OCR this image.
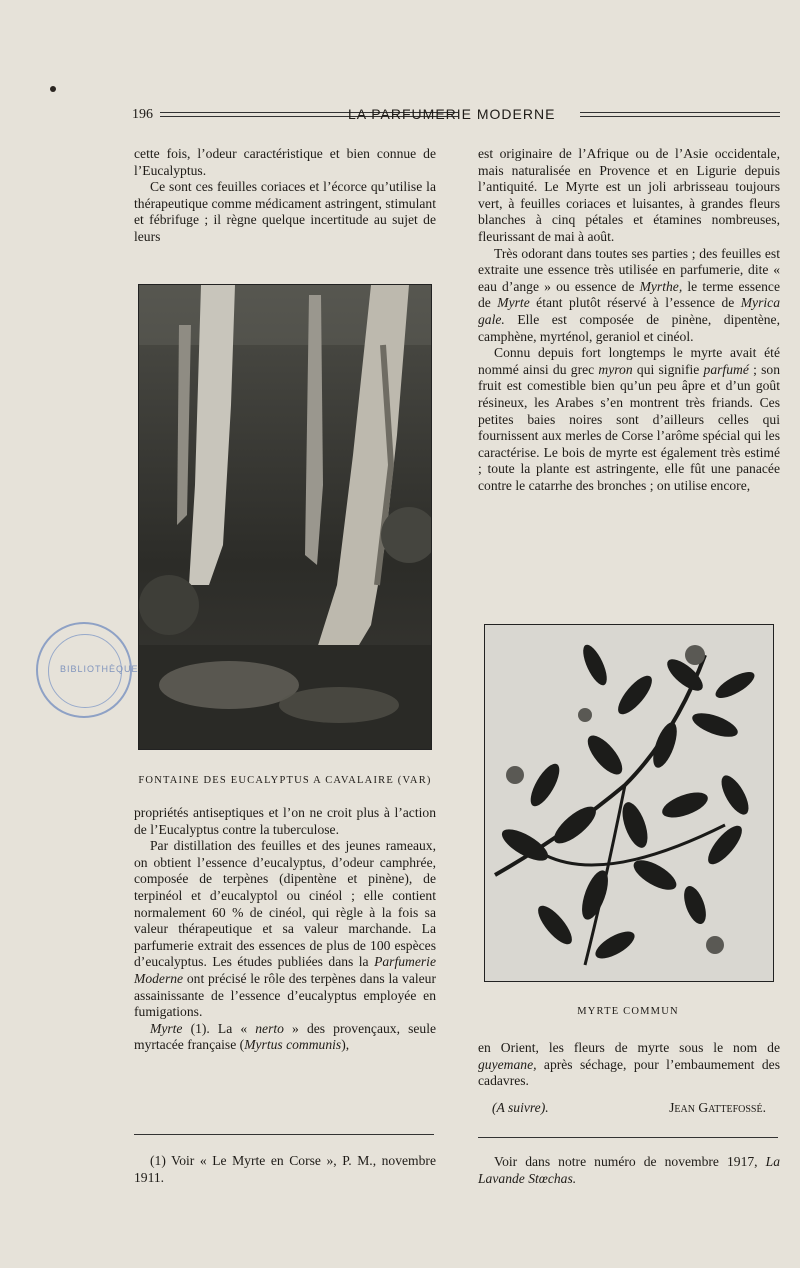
196	LA PARFUMERIE MODERNE

cette fois, l’odeur caractéristique et bien connue de l’Eucalyptus.

Ce sont ces feuilles coriaces et l’écorce qu’utilise la thérapeutique comme médicament astringent, stimulant et fébrifuge ; il règne quelque incertitude au sujet de leurs

FONTAINE DES EUCALYPTUS A CAVALAIRE (VAR)

propriétés antiseptiques et l’on ne croit plus à l’action de l’Eucalyptus contre la tuberculose.

Par distillation des feuilles et des jeunes rameaux, on obtient l’essence d’eucalyptus, d’odeur camphrée, composée de terpènes (dipentène et pinène), de terpinéol et d’eucalyptol ou cinéol ; elle contient normalement 60 % de cinéol, qui règle à la fois sa valeur thérapeutique et sa valeur marchande. La parfumerie extrait des essences de plus de 100 espèces d’eucalyptus. Les études publiées dans la Parfumerie Moderne ont précisé le rôle des terpènes dans la valeur assainissante de l’essence d’eucalyptus employée en fumigations.

Myrte (1). La « nerto » des provençaux, seule myrtacée française (Myrtus communis),

(1) Voir « Le Myrte en Corse », P. M., novembre 1911.

est originaire de l’Afrique ou de l’Asie occidentale, mais naturalisée en Provence et en Ligurie depuis l’antiquité. Le Myrte est un joli arbrisseau toujours vert, à feuilles coriaces et luisantes, à grandes fleurs blanches à cinq pétales et étamines nombreuses, fleurissant de mai à août.

Très odorant dans toutes ses parties ; des feuilles est extraite une essence très utilisée en parfumerie, dite « eau d’ange » ou essence de Myrthe, le terme essence de Myrte étant plutôt réservé à l’essence de Myrica gale. Elle est composée de pinène, dipentène, camphène, myrténol, geraniol et cinéol.

Connu depuis fort longtemps le myrte avait été nommé ainsi du grec myron qui signifie parfumé ; son fruit est comestible bien qu’un peu âpre et d’un goût résineux, les Arabes s’en montrent très friands. Ces petites baies noires sont d’ailleurs celles qui fournissent aux merles de Corse l’arôme spécial qui les caractérise. Le bois de myrte est également très estimé ; toute la plante est astringente, elle fût une panacée contre le catarrhe des bronches ; on utilise encore,

MYRTE COMMUN

en Orient, les fleurs de myrte sous le nom de guyemane, après séchage, pour l’embaumement des cadavres.

(A suivre).	Jean Gattefossé.

Voir dans notre numéro de novembre 1917, La Lavande Stœchas.

BIBLIOTHÈQUE
